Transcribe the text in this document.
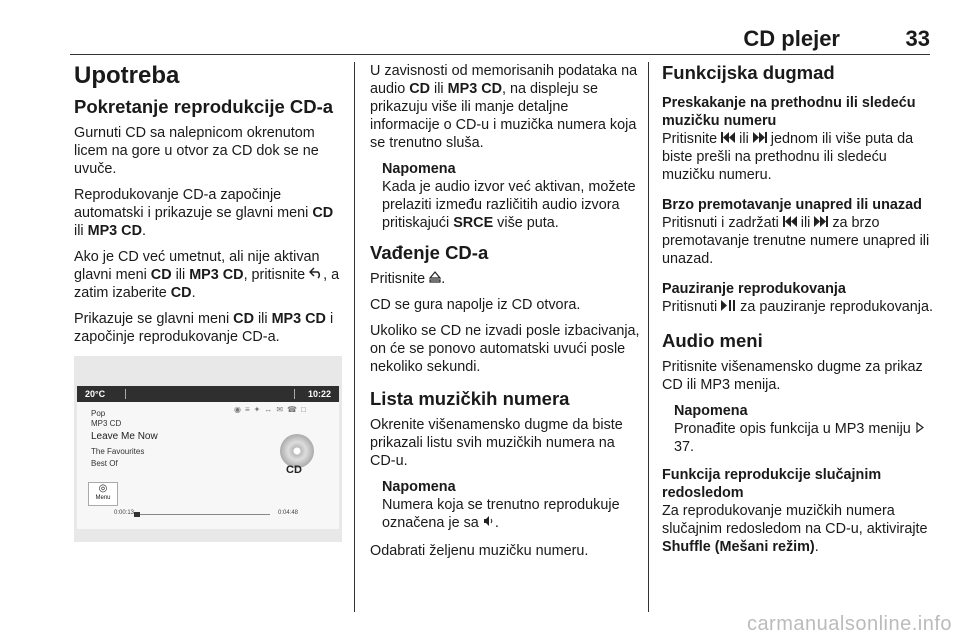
CD plejer	33
Upotreba
Pokretanje reprodukcije CD-a

Gurnuti CD sa nalepnicom okrenutom licem na gore u otvor za CD dok se ne uvuče.

Reprodukovanje CD-a započinje automatski i prikazuje se glavni meni CD ili MP3 CD.

Ako je CD već umetnut, ali nije aktivan glavni meni CD ili MP3 CD, pritisnite , a zatim izaberite CD.

Prikazuje se glavni meni CD ili MP3 CD i započinje reprodukovanje CD-a.

Pop
MP3 CD
Leave Me Now
The Favourites
Best Of
20°C	10:22
◉≡✦↔✉☎□
CD
◎
Menu
0:00:13	0:04:48

U zavisnosti od memorisanih podataka na audio CD ili MP3 CD, na displeju se prikazuju više ili manje detaljne informacije o CD-u i muzička numera koja se trenutno sluša.

Napomena
Kada je audio izvor već aktivan, možete prelaziti između različitih audio izvora pritiskajući SRCE više puta.
Vađenje CD-a

Pritisnite .

CD se gura napolje iz CD otvora.

Ukoliko se CD ne izvadi posle izbacivanja, on će se ponovo automatski uvući posle nekoliko sekundi.

Lista muzičkih numera

Okrenite višenamensko dugme da biste prikazali listu svih muzičkih numera na CD-u.

Napomena
Numera koja se trenutno reprodukuje označena je sa .

Odabrati željenu muzičku numeru.

Funkcijska dugmad
Preskakanje na prethodnu ili sledeću muzičku numeru

Pritisnite  ili  jednom ili više puta da biste prešli na prethodnu ili sledeću muzičku numeru.

Brzo premotavanje unapred ili unazad

Pritisnuti i zadržati  ili  za brzo premotavanje trenutne numere unapred ili unazad.

Pauziranje reprodukovanja

Pritisnuti  za pauziranje reprodukovanja.

Audio meni

Pritisnite višenamensko dugme za prikaz CD ili MP3 menija.

Napomena
Pronađite opis funkcija u MP3 meniju  37.
Funkcija reprodukcije slučajnim redosledom

Za reprodukovanje muzičkih numera slučajnim redosledom na CD-u, aktivirajte Shuffle (Mešani režim).

carmanualsonline.info
